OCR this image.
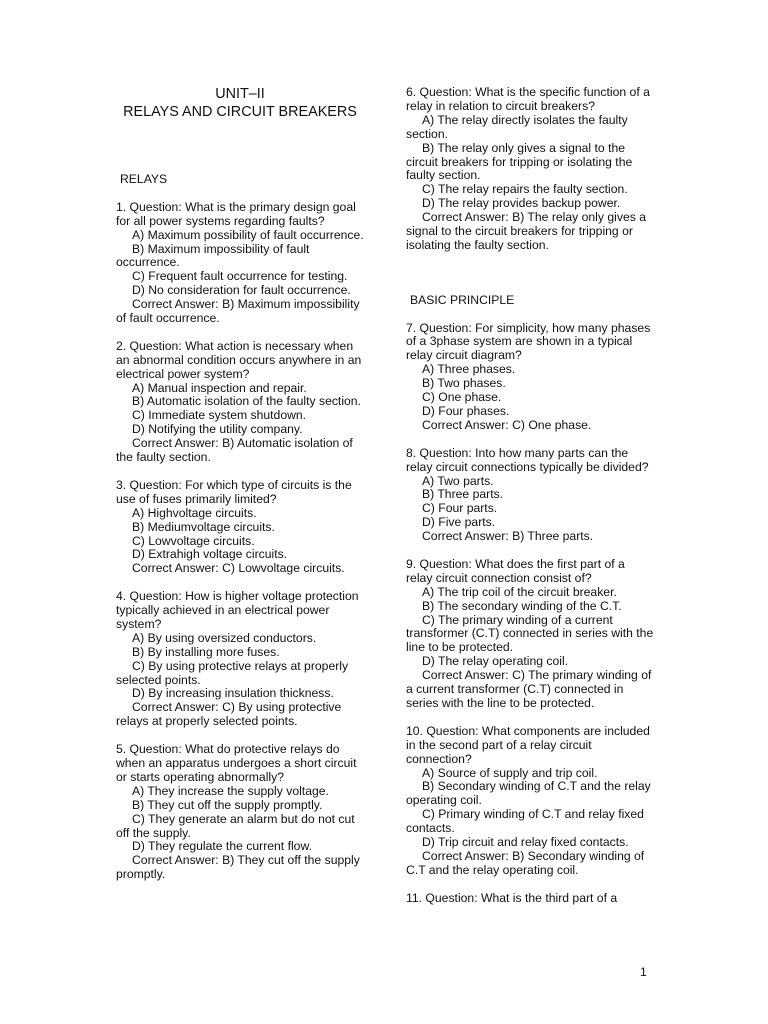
UNIT–II

RELAYS AND CIRCUIT BREAKERS

RELAYS
1. Question: What is the primary design goal for all power systems regarding faults?
A) Maximum possibility of fault occurrence.
B) Maximum impossibility of fault occurrence.
C) Frequent fault occurrence for testing.
D) No consideration for fault occurrence.
Correct Answer: B) Maximum impossibility of fault occurrence.
2. Question: What action is necessary when an abnormal condition occurs anywhere in an electrical power system?
A) Manual inspection and repair.
B) Automatic isolation of the faulty section.
C) Immediate system shutdown.
D) Notifying the utility company.
Correct Answer: B) Automatic isolation of the faulty section.
3. Question: For which type of circuits is the use of fuses primarily limited?
A) Highvoltage circuits.
B) Mediumvoltage circuits.
C) Lowvoltage circuits.
D) Extrahigh voltage circuits.
Correct Answer: C) Lowvoltage circuits.
4. Question: How is higher voltage protection typically achieved in an electrical power system?
A) By using oversized conductors.
B) By installing more fuses.
C) By using protective relays at properly selected points.
D) By increasing insulation thickness.
Correct Answer: C) By using protective relays at properly selected points.
5. Question: What do protective relays do when an apparatus undergoes a short circuit or starts operating abnormally?
A) They increase the supply voltage.
B) They cut off the supply promptly.
C) They generate an alarm but do not cut off the supply.
D) They regulate the current flow.
Correct Answer: B) They cut off the supply promptly.
6. Question: What is the specific function of a relay in relation to circuit breakers?
A) The relay directly isolates the faulty section.
B) The relay only gives a signal to the circuit breakers for tripping or isolating the faulty section.
C) The relay repairs the faulty section.
D) The relay provides backup power.
Correct Answer: B) The relay only gives a signal to the circuit breakers for tripping or isolating the faulty section.
BASIC PRINCIPLE
7. Question: For simplicity, how many phases of a 3phase system are shown in a typical relay circuit diagram?
A) Three phases.
B) Two phases.
C) One phase.
D) Four phases.
Correct Answer: C) One phase.
8. Question: Into how many parts can the relay circuit connections typically be divided?
A) Two parts.
B) Three parts.
C) Four parts.
D) Five parts.
Correct Answer: B) Three parts.
9. Question: What does the first part of a relay circuit connection consist of?
A) The trip coil of the circuit breaker.
B) The secondary winding of the C.T.
C) The primary winding of a current transformer (C.T) connected in series with the line to be protected.
D) The relay operating coil.
Correct Answer: C) The primary winding of a current transformer (C.T) connected in series with the line to be protected.
10. Question: What components are included in the second part of a relay circuit connection?
A) Source of supply and trip coil.
B) Secondary winding of C.T and the relay operating coil.
C) Primary winding of C.T and relay fixed contacts.
D) Trip circuit and relay fixed contacts.
Correct Answer: B) Secondary winding of C.T and the relay operating coil.
11. Question: What is the third part of a
1
